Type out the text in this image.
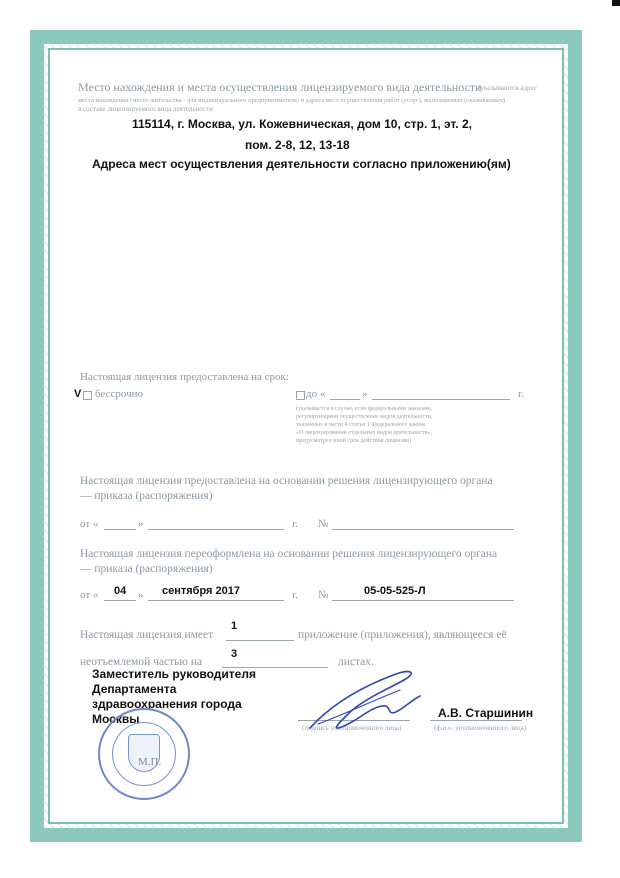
Место нахождения и места осуществления лицензируемого вида деятельности
(указываются адрес
места нахождения (место жительства - для индивидуального предпринимателя) и адреса мест осуществления работ (услуг), выполняемых (оказываемых)
в составе лицензируемого вида деятельности
115114, г. Москва, ул. Кожевническая, дом 10, стр. 1, эт. 2,
пом. 2-8, 12, 13-18
Адреса мест осуществления деятельности согласно приложению(ям)
Настоящая лицензия предоставлена на срок:
V бессрочно	до «	»	г.
(указывается в случае, если федеральными законами,
регулирующими осуществление видов деятельности,
указанных в части 4 статьи 1 Федерального закона
«О лицензировании отдельных видов деятельности»,
предусмотрен иной срок действия лицензии)
Настоящая лицензия предоставлена на основании решения лицензирующего органа
— приказа (распоряжения)
от «	»	г. №
Настоящая лицензия переоформлена на основании решения лицензирующего органа
— приказа (распоряжения)
от « 04 » сентября 2017	г. №	05-05-525-Л
1
Настоящая лицензия имеет	приложение (приложения), являющееся её
3
неотъемлемой частью на	листах.
Заместитель руководителя
Департамента
здравоохранения города
Москвы
(подпись уполномоченного лица)
А.В. Старшинин
(ф.и.о. уполномоченного лица)
М.П.
